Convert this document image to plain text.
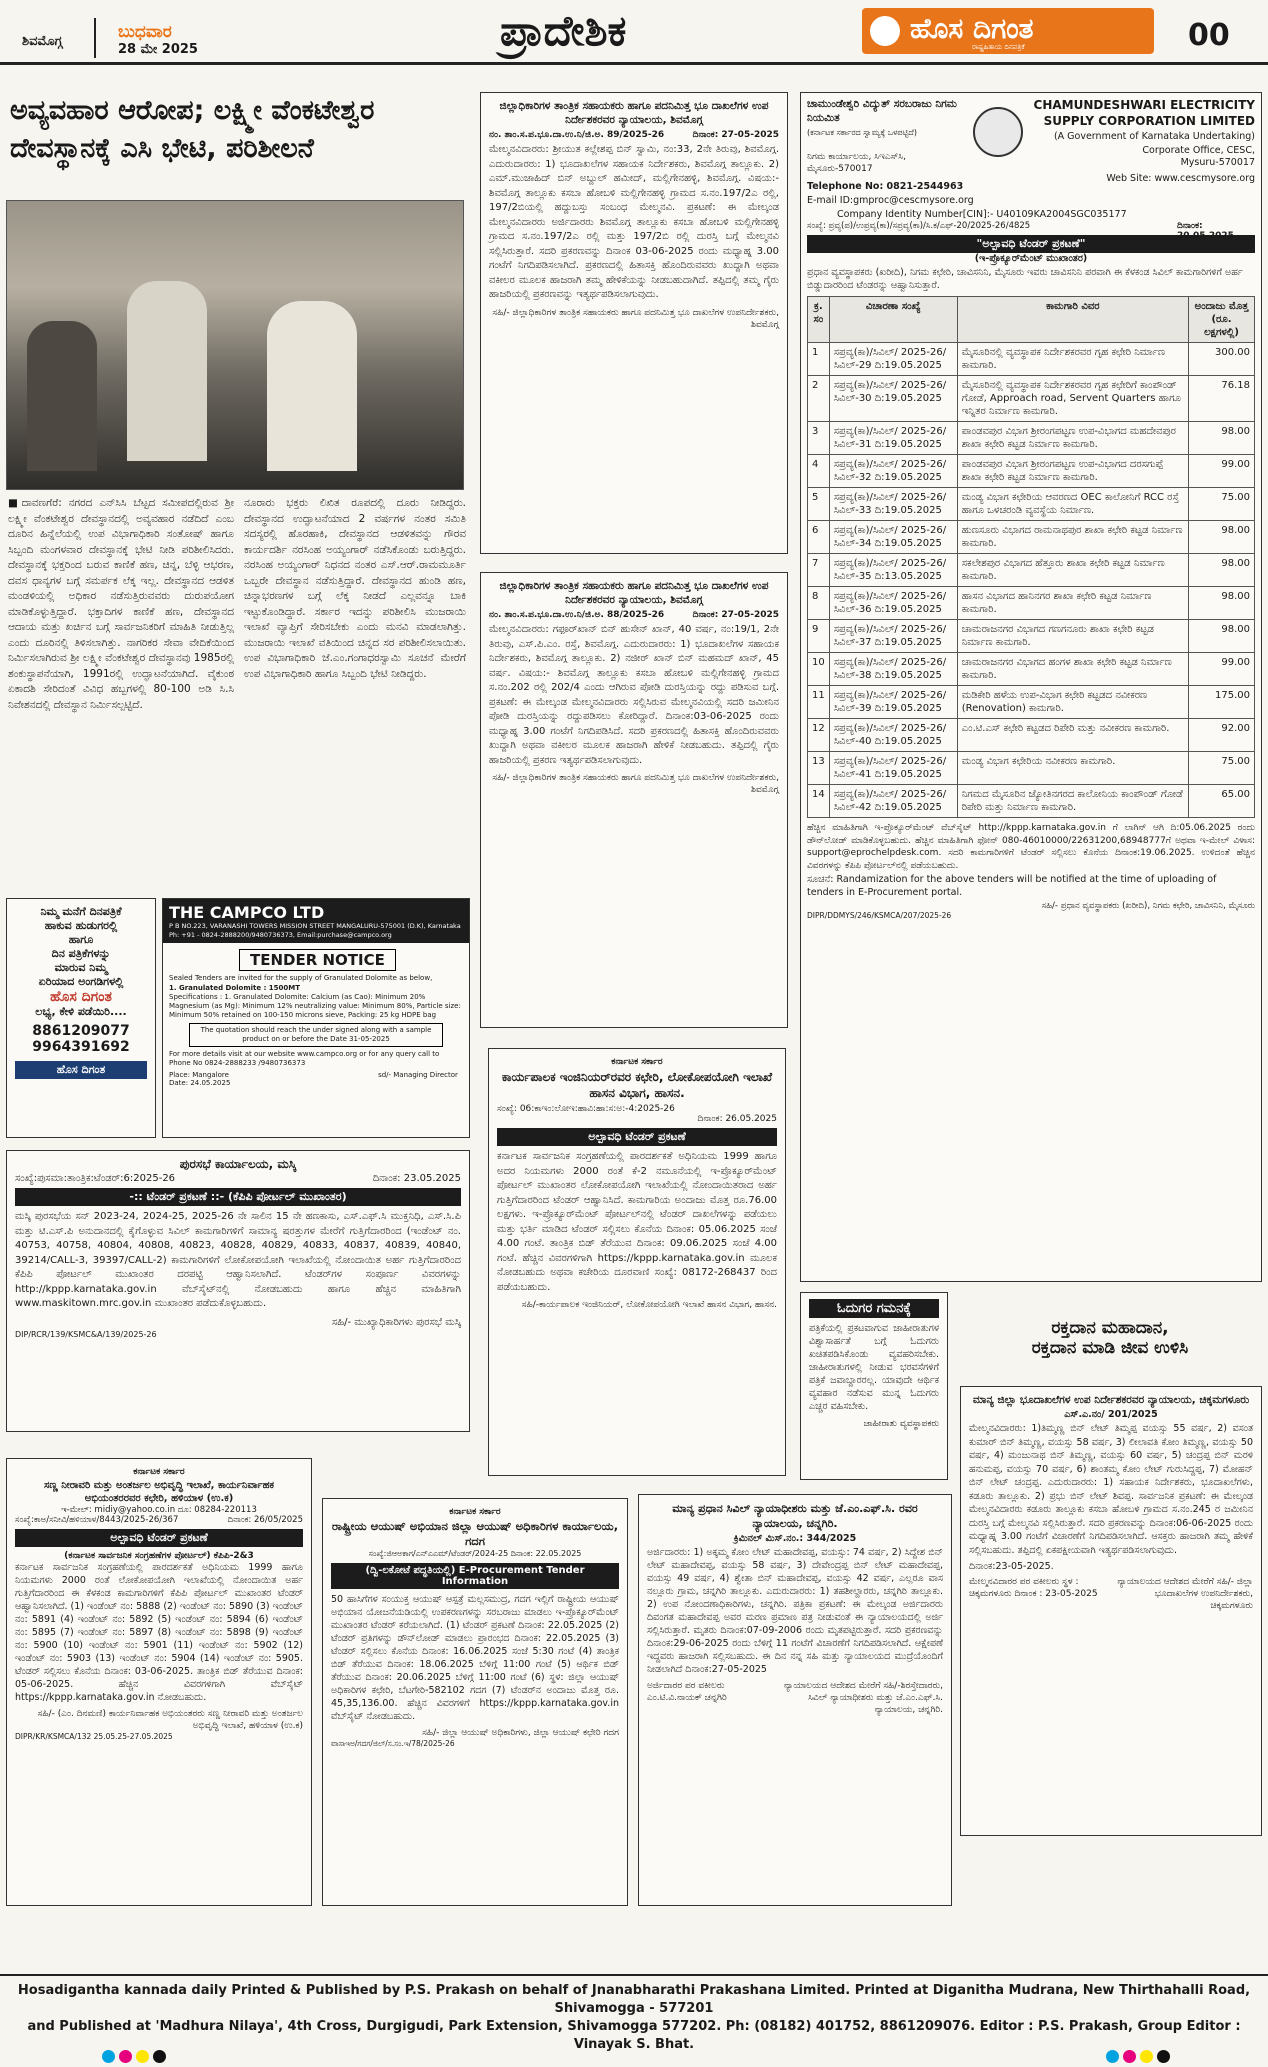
ಶಿವಮೊಗ್ಗ	ಬುಧವಾರ
28 ಮೇ 2025	ಪ್ರಾದೇಶಿಕ	ಹೊಸ ದಿಗಂತ
ರಾಷ್ಟ್ರಹಿತಾಯ ದಿನಪತ್ರಿಕೆ	00
ಅವ್ಯವಹಾರ ಆರೋಪ; ಲಕ್ಷ್ಮೀ ವೆಂಕಟೇಶ್ವರ ದೇವಸ್ಥಾನಕ್ಕೆ ಎಸಿ ಭೇಟಿ, ಪರಿಶೀಲನೆ
■ದಾವಣಗೆರೆ: ನಗರದ ಎನ್‌ಸಿಸಿ ಬೆಟ್ಟದ ಸಮೀಪದಲ್ಲಿರುವ ಶ್ರೀ ಲಕ್ಷ್ಮೀ ವೆಂಕಟೇಶ್ವರ ದೇವಸ್ಥಾನದಲ್ಲಿ ಅವ್ಯವಹಾರ ನಡೆದಿದೆ ಎಂಬ ದೂರಿನ ಹಿನ್ನೆಲೆಯಲ್ಲಿ ಉಪ ವಿಭಾಗಾಧಿಕಾರಿ ಸಂತೋಷ್ ಹಾಗೂ ಸಿಬ್ಬಂದಿ ಮಂಗಳವಾರ ದೇವಸ್ಥಾನಕ್ಕೆ ಭೇಟಿ ನೀಡಿ ಪರಿಶೀಲಿಸಿದರು. ದೇವಸ್ಥಾನಕ್ಕೆ ಭಕ್ತರಿಂದ ಬರುವ ಕಾಣಿಕೆ ಹಣ, ಚಿನ್ನ, ಬೆಳ್ಳಿ ಆಭರಣ, ದವಸ ಧಾನ್ಯಗಳ ಬಗ್ಗೆ ಸಮರ್ಪಕ ಲೆಕ್ಕ ಇಲ್ಲ. ದೇವಸ್ಥಾನದ ಆಡಳಿತ ಮಂಡಳಿಯಲ್ಲಿ ಅಧಿಕಾರ ನಡೆಸುತ್ತಿರುವವರು ದುರುಪಯೋಗ ಮಾಡಿಕೊಳ್ಳುತ್ತಿದ್ದಾರೆ. ಭಕ್ತಾದಿಗಳ ಕಾಣಿಕೆ ಹಣ, ದೇವಸ್ಥಾನದ ಆದಾಯ ಮತ್ತು ಖರ್ಚಿನ ಬಗ್ಗೆ ಸಾರ್ವಜನಿಕರಿಗೆ ಮಾಹಿತಿ ನೀಡುತ್ತಿಲ್ಲ ಎಂದು ದೂರಿನಲ್ಲಿ ತಿಳಿಸಲಾಗಿತ್ತು. ನಾಗರಿಕರ ಸೇವಾ ವೇದಿಕೆಯಿಂದ ನಿರ್ಮಿಸಲಾಗಿರುವ ಶ್ರೀ ಲಕ್ಷ್ಮೀ ವೆಂಕಟೇಶ್ವರ ದೇವಸ್ಥಾನವು 1985ರಲ್ಲಿ ಶಂಕುಸ್ಥಾಪನೆಯಾಗಿ, 1991ರಲ್ಲಿ ಉದ್ಘಾಟನೆಯಾಗಿದೆ. ವೈಕುಂಠ ಏಕಾದಶಿ ಸೇರಿದಂತೆ ವಿವಿಧ ಹಬ್ಬಗಳಲ್ಲಿ 80-100 ಅಡಿ ಸಿ.ಸಿ ನಿವೇಶನದಲ್ಲಿ ದೇವಸ್ಥಾನ ನಿರ್ಮಿಸಲ್ಪಟ್ಟಿದೆ.
ನೂರಾರು ಭಕ್ತರು ಲಿಖಿತ ರೂಪದಲ್ಲಿ ದೂರು ನೀಡಿದ್ದರು. ದೇವಸ್ಥಾನದ ಉದ್ಘಾಟನೆಯಾದ 2 ವರ್ಷಗಳ ನಂತರ ಸಮಿತಿ ಸದಸ್ಯರಲ್ಲಿ ಹೊರಹಾಕಿ, ದೇವಸ್ಥಾನದ ಆಡಳಿತವನ್ನು ಗೌರವ ಕಾರ್ಯದರ್ಶಿ ನರಸಿಂಹ ಅಯ್ಯಂಗಾರ್ ನಡೆಸಿಕೊಂಡು ಬರುತ್ತಿದ್ದರು. ನರಸಿಂಹ ಅಯ್ಯಂಗಾರ್ ನಿಧನದ ನಂತರ ಎಸ್.ಆರ್.ರಾಮಮೂರ್ತಿ ಒಬ್ಬರೇ ದೇವಸ್ಥಾನ ನಡೆಸುತ್ತಿದ್ದಾರೆ. ದೇವಸ್ಥಾನದ ಹುಂಡಿ ಹಣ, ಚಿನ್ನಾಭರಣಗಳ ಬಗ್ಗೆ ಲೆಕ್ಕ ನೀಡದೆ ಎಲ್ಲವನ್ನೂ ಬಾಕಿ ಇಟ್ಟುಕೊಂಡಿದ್ದಾರೆ. ಸರ್ಕಾರ ಇದನ್ನು ಪರಿಶೀಲಿಸಿ ಮುಜರಾಯಿ ಇಲಾಖೆ ವ್ಯಾಪ್ತಿಗೆ ಸೇರಿಸಬೇಕು ಎಂದು ಮನವಿ ಮಾಡಲಾಗಿತ್ತು. ಮುಜರಾಯಿ ಇಲಾಖೆ ವತಿಯಿಂದ ಚಿನ್ನದ ಸರ ಪರಿಶೀಲಿಸಲಾಯಿತು. ಉಪ ವಿಭಾಗಾಧಿಕಾರಿ ಜೆ.ಎಂ.ಗಂಗಾಧರಸ್ವಾಮಿ ಸೂಚನೆ ಮೇರೆಗೆ ಉಪ ವಿಭಾಗಾಧಿಕಾರಿ ಹಾಗೂ ಸಿಬ್ಬಂದಿ ಭೇಟಿ ನೀಡಿದ್ದರು.
ನಿಮ್ಮ ಮನೆಗೆ ದಿನಪತ್ರಿಕೆ
ಹಾಕುವ ಹುಡುಗರಲ್ಲಿ
ಹಾಗೂ
ದಿನ ಪತ್ರಿಕೆಗಳನ್ನು
ಮಾರುವ ನಿಮ್ಮ
ಏರಿಯಾದ ಅಂಗಡಿಗಳಲ್ಲಿ
ಹೊಸ ದಿಗಂತ
ಲಭ್ಯ, ಕೇಳಿ ಪಡೆಯಿರಿ....
8861209077
9964391692
ಹೊಸ ದಿಗಂತ
THE CAMPCO LTD
P B NO.223, VARANASHI TOWERS MISSION STREET MANGALURU-575001 (D.K), Karnataka Ph: +91 - 0824-2888200/9480736373, Email:purchase@campco.org
TENDER NOTICE
Sealed Tenders are invited for the supply of Granulated Dolomite as below,
1. Granulated Dolomite : 1500MT
Specifications : 1. Granulated Dolomite: Calcium (as Cao): Minimum 20% Magnesium (as Mg): Minimum 12% neutralizing value: Minimum 80%, Particle size: Minimum 50% retained on 100-150 microns sieve, Packing: 25 kg HDPE bag
The quotation should reach the under signed along with a sample product on or before the Date 31-05-2025
For more details visit at our website www.campco.org or for any query call to Phone No 0824-2888233 /9480736373
Place: Mangalore
Date: 24.05.2025
sd/- Managing Director
ಪುರಸಭೆ ಕಾರ್ಯಾಲಯ, ಮಸ್ಕಿ
ಸಂಖ್ಯೆ:ಪುಸಮಾ:ತಾಂತ್ರಿಕ:ಟೆಂಡರ್:6:2025-26	ದಿನಾಂಕ: 23.05.2025
-:: ಟೆಂಡರ್ ಪ್ರಕಟಣೆ ::- (ಕೆಪಿಪಿ ಪೋರ್ಟಲ್ ಮುಖಾಂತರ)

ಮಸ್ಕಿ ಪುರಸಭೆಯ ಸನ್ 2023-24, 2024-25, 2025-26 ನೇ ಸಾಲಿನ 15 ನೇ ಹಣಕಾಸು, ಎಸ್.ಎಫ್.ಸಿ ಮುಕ್ತನಿಧಿ, ಎಸ್.ಸಿ.ಪಿ ಮತ್ತು ಟಿ.ಎಸ್.ಪಿ ಅನುದಾನದಲ್ಲಿ ಕೈಗೊಳ್ಳುವ ಸಿವಿಲ್ ಕಾಮಗಾರಿಗಳಿಗೆ ಸಾಮಾನ್ಯ ಷರತ್ತುಗಳ ಮೇರೆಗೆ ಗುತ್ತಿಗೆದಾರರಿಂದ (ಇಂಡೆಂಟ್ ನಂ. 40753, 40758, 40804, 40808, 40823, 40828, 40829, 40833, 40837, 40839, 40840, 39214/CALL-3, 39397/CALL-2) ಕಾಮಗಾರಿಗಳಿಗೆ ಲೋಕೋಪಯೋಗಿ ಇಲಾಖೆಯಲ್ಲಿ ನೋಂದಾಯಿತ ಅರ್ಹ ಗುತ್ತಿಗೆದಾರರಿಂದ ಕೆಪಿಪಿ ಪೋರ್ಟಲ್ ಮುಖಾಂತರ ದರಪಟ್ಟಿ ಆಹ್ವಾನಿಸಲಾಗಿದೆ. ಟೆಂಡರ್‌ಗಳ ಸಂಪೂರ್ಣ ವಿವರಗಳನ್ನು http://kppp.karnataka.gov.in ವೆಬ್‌ಸೈಟ್‌ನಲ್ಲಿ ನೋಡಬಹುದು ಹಾಗೂ ಹೆಚ್ಚಿನ ಮಾಹಿತಿಗಾಗಿ www.maskitown.mrc.gov.in ಮುಖಾಂತರ ಪಡೆದುಕೊಳ್ಳಬಹುದು.

ಸಹಿ/- ಮುಖ್ಯಾಧಿಕಾರಿಗಳು ಪುರಸಭೆ ಮಸ್ಕಿ
DIP/RCR/139/KSMC&A/139/2025-26
ಜಿಲ್ಲಾಧಿಕಾರಿಗಳ ತಾಂತ್ರಿಕ ಸಹಾಯಕರು ಹಾಗೂ ಪದನಿಮಿತ್ತ ಭೂ ದಾಖಲೆಗಳ ಉಪ ನಿರ್ದೇಶಕರವರ ನ್ಯಾಯಾಲಯ, ಶಿವಮೊಗ್ಗ
ನಂ. ತಾಂ.ಸ.ಪ.ಭೂ.ದಾ.ಉ.ನಿ/ಜಿ.ಅ. 89/2025-26	ದಿನಾಂಕ: 27-05-2025

ಮೇಲ್ಮನವಿದಾರರು: ಶ್ರೀಯುತ ಕಲ್ಲೇಶಪ್ಪ ಬಿನ್ ಸ್ವಾಮಿ, ನಂ:33, 2ನೇ ತಿರುವು, ಶಿವಮೊಗ್ಗ. ಎದುರುದಾರರು: 1) ಭೂದಾಖಲೆಗಳ ಸಹಾಯಕ ನಿರ್ದೇಶಕರು, ಶಿವಮೊಗ್ಗ ತಾಲ್ಲೂಕು. 2) ಎಮ್.ಮುಜಾಹಿದ್ ಬಿನ್ ಅಬ್ದುಲ್ ಹಮೀದ್, ಮಲ್ಲಿಗೇನಹಳ್ಳಿ, ಶಿವಮೊಗ್ಗ. ವಿಷಯ:- ಶಿವಮೊಗ್ಗ ತಾಲ್ಲೂಕು ಕಸಬಾ ಹೋಬಳಿ ಮಲ್ಲಿಗೇನಹಳ್ಳಿ ಗ್ರಾಮದ ಸ.ನಂ.197/2ಎ ರಲ್ಲಿ, 197/2ಬಿಯಲ್ಲಿ ಹದ್ದುಬಸ್ತು ಸಂಬಂಧ ಮೇಲ್ಮನವಿ. ಪ್ರಕಟಣೆ: ಈ ಮೇಲ್ಕಂಡ ಮೇಲ್ಮನವಿದಾರರು ಅರ್ಜಿದಾರರು ಶಿವಮೊಗ್ಗ ತಾಲ್ಲೂಕು ಕಸಬಾ ಹೋಬಳಿ ಮಲ್ಲಿಗೇನಹಳ್ಳಿ ಗ್ರಾಮದ ಸ.ನಂ.197/2ಎ ರಲ್ಲಿ ಮತ್ತು 197/2ಬಿ ರಲ್ಲಿ ದುರಸ್ತಿ ಬಗ್ಗೆ ಮೇಲ್ಮನವಿ ಸಲ್ಲಿಸಿರುತ್ತಾರೆ. ಸದರಿ ಪ್ರಕರಣವನ್ನು ದಿನಾಂಕ 03-06-2025 ರಂದು ಮಧ್ಯಾಹ್ನ 3.00 ಗಂಟೆಗೆ ನಿಗದಿಪಡಿಸಲಾಗಿದೆ. ಪ್ರಕರಣದಲ್ಲಿ ಹಿತಾಸಕ್ತಿ ಹೊಂದಿರುವವರು ಖುದ್ದಾಗಿ ಅಥವಾ ವಕೀಲರ ಮೂಲಕ ಹಾಜರಾಗಿ ತಮ್ಮ ಹೇಳಿಕೆಯನ್ನು ನೀಡಬಹುದಾಗಿದೆ. ತಪ್ಪಿದಲ್ಲಿ ತಮ್ಮ ಗೈರು ಹಾಜರಿಯಲ್ಲಿ ಪ್ರಕರಣವನ್ನು ಇತ್ಯರ್ಥಪಡಿಸಲಾಗುವುದು.

ಸಹಿ/- ಜಿಲ್ಲಾಧಿಕಾರಿಗಳ ತಾಂತ್ರಿಕ ಸಹಾಯಕರು ಹಾಗೂ ಪದನಿಮಿತ್ತ ಭೂ ದಾಖಲೆಗಳ ಉಪನಿರ್ದೇಶಕರು, ಶಿವಮೊಗ್ಗ
ಜಿಲ್ಲಾಧಿಕಾರಿಗಳ ತಾಂತ್ರಿಕ ಸಹಾಯಕರು ಹಾಗೂ ಪದನಿಮಿತ್ತ ಭೂ ದಾಖಲೆಗಳ ಉಪ ನಿರ್ದೇಶಕರವರ ನ್ಯಾಯಾಲಯ, ಶಿವಮೊಗ್ಗ
ನಂ. ತಾಂ.ಸ.ಪ.ಭೂ.ದಾ.ಉ.ನಿ/ಜಿ.ಅ. 88/2025-26	ದಿನಾಂಕ: 27-05-2025

ಮೇಲ್ಮನವಿದಾರರು: ಗಫೂರ್‌ಖಾನ್ ಬಿನ್ ಹುಸೇನ್ ಖಾನ್, 40 ವರ್ಷ, ನಂ:19/1, 2ನೇ ತಿರುವು, ಎಸ್.ಪಿ.ಎಂ. ರಸ್ತೆ, ಶಿವಮೊಗ್ಗ. ಎದುರುದಾರರು: 1) ಭೂದಾಖಲೆಗಳ ಸಹಾಯಕ ನಿರ್ದೇಶಕರು, ಶಿವಮೊಗ್ಗ ತಾಲ್ಲೂಕು. 2) ನಜೀರ್ ಖಾನ್ ಬಿನ್ ಮಹಮದ್ ಖಾನ್, 45 ವರ್ಷ. ವಿಷಯ:- ಶಿವಮೊಗ್ಗ ತಾಲ್ಲೂಕು ಕಸಬಾ ಹೋಬಳಿ ಮಲ್ಲಿಗೇನಹಳ್ಳಿ ಗ್ರಾಮದ ಸ.ನಂ.202 ರಲ್ಲಿ 202/4 ಎಂದು ಆಗಿರುವ ಪೋಡಿ ದುರಸ್ತಿಯನ್ನು ರದ್ದು ಪಡಿಸುವ ಬಗ್ಗೆ. ಪ್ರಕಟಣೆ: ಈ ಮೇಲ್ಕಂಡ ಮೇಲ್ಮನವಿದಾರರು ಸಲ್ಲಿಸಿರುವ ಮೇಲ್ಮನವಿಯಲ್ಲಿ ಸದರಿ ಜಮೀನಿನ ಪೋಡಿ ದುರಸ್ತಿಯನ್ನು ರದ್ದುಪಡಿಸಲು ಕೋರಿದ್ದಾರೆ. ದಿನಾಂಕ:03-06-2025 ರಂದು ಮಧ್ಯಾಹ್ನ 3.00 ಗಂಟೆಗೆ ನಿಗದಿಪಡಿಸಿದೆ. ಸದರಿ ಪ್ರಕರಣದಲ್ಲಿ ಹಿತಾಸಕ್ತಿ ಹೊಂದಿರುವವರು ಖುದ್ದಾಗಿ ಅಥವಾ ವಕೀಲರ ಮೂಲಕ ಹಾಜರಾಗಿ ಹೇಳಿಕೆ ನೀಡಬಹುದು. ತಪ್ಪಿದಲ್ಲಿ ಗೈರು ಹಾಜರಿಯಲ್ಲಿ ಪ್ರಕರಣ ಇತ್ಯರ್ಥಪಡಿಸಲಾಗುವುದು.

ಸಹಿ/- ಜಿಲ್ಲಾಧಿಕಾರಿಗಳ ತಾಂತ್ರಿಕ ಸಹಾಯಕರು ಹಾಗೂ ಪದನಿಮಿತ್ತ ಭೂ ದಾಖಲೆಗಳ ಉಪನಿರ್ದೇಶಕರು, ಶಿವಮೊಗ್ಗ
ಕರ್ನಾಟಕ ಸರ್ಕಾರ
ಕಾರ್ಯಪಾಲಕ ಇಂಜಿನಿಯರ್‌ರವರ ಕಛೇರಿ, ಲೋಕೋಪಯೋಗಿ ಇಲಾಖೆ ಹಾಸನ ವಿಭಾಗ, ಹಾಸನ.
ಸಂಖ್ಯೆ: 06:ಕಾಇಂ:ಲೋಇ:ಹಾವಿ:ಹಾ:ಸ:ಅ:-4:2025-26
ದಿನಾಂಕ: 26.05.2025
ಅಲ್ಪಾವಧಿ ಟೆಂಡರ್ ಪ್ರಕಟಣೆ

ಕರ್ನಾಟಕ ಸಾರ್ವಜನಿಕ ಸಂಗ್ರಹಣೆಯಲ್ಲಿ ಪಾರದರ್ಶಕತೆ ಅಧಿನಿಯಮ 1999 ಹಾಗೂ ಅದರ ನಿಯಮಗಳು 2000 ರಂತೆ ಕೆ-2 ನಮೂನೆಯಲ್ಲಿ ಇ-ಪ್ರೊಕ್ಯೂರ್‌ಮೆಂಟ್ ಪೋರ್ಟಲ್ ಮುಖಾಂತರ ಲೋಕೋಪಯೋಗಿ ಇಲಾಖೆಯಲ್ಲಿ ನೋಂದಾಯಿತರಾದ ಅರ್ಹ ಗುತ್ತಿಗೆದಾರರಿಂದ ಟೆಂಡರ್ ಆಹ್ವಾನಿಸಿದೆ. ಕಾಮಗಾರಿಯ ಅಂದಾಜು ಮೊತ್ತ ರೂ.76.00 ಲಕ್ಷಗಳು. ಇ-ಪ್ರೊಕ್ಯೂರ್‌ಮೆಂಟ್ ಪೋರ್ಟಲ್‌ನಲ್ಲಿ ಟೆಂಡರ್ ದಾಖಲೆಗಳನ್ನು ಪಡೆಯಲು ಮತ್ತು ಭರ್ತಿ ಮಾಡಿದ ಟೆಂಡರ್ ಸಲ್ಲಿಸಲು ಕೊನೆಯ ದಿನಾಂಕ: 05.06.2025 ಸಂಜೆ 4.00 ಗಂಟೆ. ತಾಂತ್ರಿಕ ಬಿಡ್ ತೆರೆಯುವ ದಿನಾಂಕ: 09.06.2025 ಸಂಜೆ 4.00 ಗಂಟೆ. ಹೆಚ್ಚಿನ ವಿವರಗಳಿಗಾಗಿ https://kppp.karnataka.gov.in ಮೂಲಕ ನೋಡಬಹುದು ಅಥವಾ ಕಚೇರಿಯ ದೂರವಾಣಿ ಸಂಖ್ಯೆ: 08172-268437 ರಿಂದ ಪಡೆಯಬಹುದು.

ಸಹಿ/-ಕಾರ್ಯಪಾಲಕ ಇಂಜಿನಿಯರ್, ಲೋಕೋಪಯೋಗಿ ಇಲಾಖೆ ಹಾಸನ ವಿಭಾಗ, ಹಾಸನ.
ಚಾಮುಂಡೇಶ್ವರಿ ವಿದ್ಯುತ್ ಸರಬರಾಜು ನಿಗಮ ನಿಯಮಿತ
(ಕರ್ನಾಟಕ ಸರ್ಕಾರದ ಸ್ವಾಮ್ಯಕ್ಕೆ ಒಳಪಟ್ಟಿದೆ)
ನಿಗಮ ಕಾರ್ಯಾಲಯ, ಸಿಇಎಸ್‌ಸಿ, ಮೈಸೂರು-570017
CHAMUNDESHWARI ELECTRICITY SUPPLY CORPORATION LIMITED
(A Government of Karnataka Undertaking)
Corporate Office, CESC, Mysuru-570017
Web Site: www.cescmysore.org
Telephone No: 0821-2544963
E-mail ID:gmproc@cescmysore.org
Company Identity Number[CIN]:- U40109KA2004SGC035177
ಸಂಖ್ಯೆ: ಪ್ರವ್ಯ(ಪ)/ಉಪ್ರವ್ಯ(ಕಾ)/ಸಪ್ರವ್ಯ(ಕಾ)/ಸಿ.ಕ/ಎಫ್-20/2025-26/4825	ದಿನಾಂಕ: 20.05.2025
"ಅಲ್ಪಾವಧಿ ಟೆಂಡರ್ ಪ್ರಕಟಣೆ"
(ಇ-ಪ್ರೊಕ್ಯೂರ್‌ಮೆಂಟ್ ಮುಖಾಂತರ)
ಪ್ರಧಾನ ವ್ಯವಸ್ಥಾಪಕರು (ಖರೀದಿ), ನಿಗಮ ಕಛೇರಿ, ಚಾವಿಸನಿನಿ, ಮೈಸೂರು ಇವರು ಚಾವಿಸನಿನಿ ಪರವಾಗಿ ಈ ಕೆಳಕಂಡ ಸಿವಿಲ್ ಕಾಮಗಾರಿಗಳಿಗೆ ಅರ್ಹ ಬಿಡ್ಡುದಾರರಿಂದ ಟೆಂಡರನ್ನು ಆಹ್ವಾನಿಸುತ್ತಾರೆ.
ಕ್ರ. ಸಂ	ವಿಚಾರಣಾ ಸಂಖ್ಯೆ	ಕಾಮಗಾರಿ ವಿವರ	ಅಂದಾಜು ಮೊತ್ತ (ರೂ. ಲಕ್ಷಗಳಲ್ಲಿ)
1	ಸಪ್ರವ್ಯ(ಕಾ)/ಸಿವಿಲ್/ 2025-26/ಸಿವಿಲ್-29 ದಿ:19.05.2025	ಮೈಸೂರಿನಲ್ಲಿ ವ್ಯವಸ್ಥಾಪಕ ನಿರ್ದೇಶಕರವರ ಗೃಹ ಕಛೇರಿ ನಿರ್ಮಾಣ ಕಾಮಗಾರಿ.	300.00
2	ಸಪ್ರವ್ಯ(ಕಾ)/ಸಿವಿಲ್/ 2025-26/ಸಿವಿಲ್-30 ದಿ:19.05.2025	ಮೈಸೂರಿನಲ್ಲಿ ವ್ಯವಸ್ಥಾಪಕ ನಿರ್ದೇಶಕರವರ ಗೃಹ ಕಛೇರಿಗೆ ಕಾಂಪೌಂಡ್ ಗೋಡೆ, Approach road, Servent Quarters ಹಾಗೂ ಇನ್ನಿತರ ನಿರ್ಮಾಣ ಕಾಮಗಾರಿ.	76.18
3	ಸಪ್ರವ್ಯ(ಕಾ)/ಸಿವಿಲ್/ 2025-26/ಸಿವಿಲ್-31 ದಿ:19.05.2025	ಪಾಂಡವಪುರ ವಿಭಾಗ ಶ್ರೀರಂಗಪಟ್ಟಣ ಉಪ-ವಿಭಾಗದ ಮಹದೇವಪುರ ಶಾಖಾ ಕಛೇರಿ ಕಟ್ಟಡ ನಿರ್ಮಾಣ ಕಾಮಗಾರಿ.	98.00
4	ಸಪ್ರವ್ಯ(ಕಾ)/ಸಿವಿಲ್/ 2025-26/ಸಿವಿಲ್-32 ದಿ:19.05.2025	ಪಾಂಡವಪುರ ವಿಭಾಗ ಶ್ರೀರಂಗಪಟ್ಟಣ ಉಪ-ವಿಭಾಗದ ದರಸಗುಪ್ಪೆ ಶಾಖಾ ಕಛೇರಿ ಕಟ್ಟಡ ನಿರ್ಮಾಣ ಕಾಮಗಾರಿ.	99.00
5	ಸಪ್ರವ್ಯ(ಕಾ)/ಸಿವಿಲ್/ 2025-26/ಸಿವಿಲ್-33 ದಿ:19.05.2025	ಮಂಡ್ಯ ವಿಭಾಗ ಕಛೇರಿಯ ಆವರಣದ OEC ಕಾಲೋನಿಗೆ RCC ರಸ್ತೆ ಹಾಗೂ ಒಳಚರಂಡಿ ವ್ಯವಸ್ಥೆಯ ನಿರ್ಮಾಣ.	75.00
6	ಸಪ್ರವ್ಯ(ಕಾ)/ಸಿವಿಲ್/ 2025-26/ಸಿವಿಲ್-34 ದಿ:19.05.2025	ಹುಣಸೂರು ವಿಭಾಗದ ರಾಮನಾಥಪುರ ಶಾಖಾ ಕಛೇರಿ ಕಟ್ಟಡ ನಿರ್ಮಾಣ ಕಾಮಗಾರಿ.	98.00
7	ಸಪ್ರವ್ಯ(ಕಾ)/ಸಿವಿಲ್/ 2025-26/ಸಿವಿಲ್-35 ದಿ:13.05.2025	ಸಕಲೇಶಪುರ ವಿಭಾಗದ ಹೆತ್ತೂರು ಶಾಖಾ ಕಛೇರಿ ಕಟ್ಟಡ ನಿರ್ಮಾಣ ಕಾಮಗಾರಿ.	98.00
8	ಸಪ್ರವ್ಯ(ಕಾ)/ಸಿವಿಲ್/ 2025-26/ಸಿವಿಲ್-36 ದಿ:19.05.2025	ಹಾಸನ ವಿಭಾಗದ ಹಾನಿನಗರ ಶಾಖಾ ಕಛೇರಿ ಕಟ್ಟಡ ನಿರ್ಮಾಣ ಕಾಮಗಾರಿ.	98.00
9	ಸಪ್ರವ್ಯ(ಕಾ)/ಸಿವಿಲ್/ 2025-26/ಸಿವಿಲ್-37 ದಿ:19.05.2025	ಚಾಮರಾಜನಗರ ವಿಭಾಗದ ಗಣಗನೂರು ಶಾಖಾ ಕಛೇರಿ ಕಟ್ಟಡ ನಿರ್ಮಾಣ ಕಾಮಗಾರಿ.	98.00
10	ಸಪ್ರವ್ಯ(ಕಾ)/ಸಿವಿಲ್/ 2025-26/ಸಿವಿಲ್-38 ದಿ:19.05.2025	ಚಾಮರಾಜನಗರ ವಿಭಾಗದ ಹಂಗಳ ಶಾಖಾ ಕಛೇರಿ ಕಟ್ಟಡ ನಿರ್ಮಾಣ ಕಾಮಗಾರಿ.	99.00
11	ಸಪ್ರವ್ಯ(ಕಾ)/ಸಿವಿಲ್/ 2025-26/ಸಿವಿಲ್-39 ದಿ:19.05.2025	ಮಡಿಕೇರಿ ಹಳೆಯ ಉಪ-ವಿಭಾಗ ಕಛೇರಿ ಕಟ್ಟಡದ ನವೀಕರಣ (Renovation) ಕಾಮಗಾರಿ.	175.00
12	ಸಪ್ರವ್ಯ(ಕಾ)/ಸಿವಿಲ್/ 2025-26/ಸಿವಿಲ್-40 ದಿ:19.05.2025	ಎಂ.ಟಿ.ಎಸ್ ಕಛೇರಿ ಕಟ್ಟಡದ ರಿಪೇರಿ ಮತ್ತು ನವೀಕರಣ ಕಾಮಗಾರಿ.	92.00
13	ಸಪ್ರವ್ಯ(ಕಾ)/ಸಿವಿಲ್/ 2025-26/ಸಿವಿಲ್-41 ದಿ:19.05.2025	ಮಂಡ್ಯ ವಿಭಾಗ ಕಛೇರಿಯ ನವೀಕರಣ ಕಾಮಗಾರಿ.	75.00
14	ಸಪ್ರವ್ಯ(ಕಾ)/ಸಿವಿಲ್/ 2025-26/ಸಿವಿಲ್-42 ದಿ:19.05.2025	ನಿಗಮದ ಮೈಸೂರಿನ ಜ್ಯೋತಿನಗರದ ಕಾಲೋನಿಯ ಕಾಂಪೌಂಡ್ ಗೋಡೆ ರಿಪೇರಿ ಮತ್ತು ನಿರ್ಮಾಣ ಕಾಮಗಾರಿ.	65.00
ಹೆಚ್ಚಿನ ಮಾಹಿತಿಗಾಗಿ ಇ-ಪ್ರೊಕ್ಯೂರ್‌ಮೆಂಟ್ ವೆಬ್‌ಸೈಟ್ http://kppp.karnataka.gov.in ಗೆ ಲಾಗಿನ್ ಆಗಿ ದಿ:05.06.2025 ರಂದು ಡೌನ್‌ಲೋಡ್ ಮಾಡಿಕೊಳ್ಳಬಹುದು. ಹೆಚ್ಚಿನ ಮಾಹಿತಿಗಾಗಿ ಫೋನ್ 080-46010000/22631200,68948777ಗೆ ಅಥವಾ ಇ-ಮೇಲ್ ವಿಳಾಸ: support@eprochelpdesk.com. ಸದರಿ ಕಾಮಗಾರಿಗಳಿಗೆ ಟೆಂಡರ್ ಸಲ್ಲಿಸಲು ಕೊನೆಯ ದಿನಾಂಕ:19.06.2025. ಉಳಿದಂತೆ ಹೆಚ್ಚಿನ ವಿವರಗಳನ್ನು ಕೆಪಿಪಿ ಪೋರ್ಟಲ್‌ನಲ್ಲಿ ಪಡೆಯಬಹುದು.
ಸೂಚನೆ: Randamization for the above tenders will be notified at the time of uploading of tenders in E-Procurement portal.
ಸಹಿ/- ಪ್ರಧಾನ ವ್ಯವಸ್ಥಾಪಕರು (ಖರೀದಿ), ನಿಗಮ ಕಛೇರಿ, ಚಾವಿಸನಿನಿ, ಮೈಸೂರು
DIPR/DDMYS/246/KSMCA/207/2025-26
ಓದುಗರ ಗಮನಕ್ಕೆ

ಪತ್ರಿಕೆಯಲ್ಲಿ ಪ್ರಕಟವಾಗುವ ಜಾಹೀರಾತುಗಳ ವಿಶ್ವಾಸಾರ್ಹತೆ ಬಗ್ಗೆ ಓದುಗರು ಖಚಿತಪಡಿಸಿಕೊಂಡು ವ್ಯವಹರಿಸಬೇಕು. ಜಾಹೀರಾತುಗಳಲ್ಲಿ ನೀಡುವ ಭರವಸೆಗಳಿಗೆ ಪತ್ರಿಕೆ ಜವಾಬ್ದಾರರಲ್ಲ. ಯಾವುದೇ ಆರ್ಥಿಕ ವ್ಯವಹಾರ ನಡೆಸುವ ಮುನ್ನ ಓದುಗರು ಎಚ್ಚರ ವಹಿಸಬೇಕು.

ಜಾಹೀರಾತು ವ್ಯವಸ್ಥಾಪಕರು
ರಕ್ತದಾನ ಮಹಾದಾನ,
ರಕ್ತದಾನ ಮಾಡಿ ಜೀವ ಉಳಿಸಿ
ಮಾನ್ಯ ಜಿಲ್ಲಾ ಭೂದಾಖಲೆಗಳ ಉಪ ನಿರ್ದೇಶಕರವರ ನ್ಯಾಯಾಲಯ, ಚಿಕ್ಕಮಗಳೂರು
ಎಸ್.ಎ.ನಂ/ 201/2025

ಮೇಲ್ಮನವಿದಾರರು: 1)ತಿಮ್ಮಣ್ಣ ಬಿನ್ ಲೇಟ್ ತಿಮ್ಮಪ್ಪ ವಯಸ್ಸು 55 ವರ್ಷ, 2) ವಸಂತ ಕುಮಾರ್ ಬಿನ್ ತಿಮ್ಮಣ್ಣ, ವಯಸ್ಸು 58 ವರ್ಷ, 3) ಲೀಲಾವತಿ ಕೋಂ ತಿಮ್ಮಣ್ಣ, ವಯಸ್ಸು 50 ವರ್ಷ, 4) ಮಂಜುನಾಥ ಬಿನ್ ತಿಮ್ಮಣ್ಣ, ವಯಸ್ಸು 60 ವರ್ಷ, 5) ಚಂದ್ರಪ್ಪ ಬಿನ್ ಮರಳಿ ಹನುಮಪ್ಪ, ವಯಸ್ಸು 70 ವರ್ಷ, 6) ಶಾಂತಮ್ಮ ಕೋಂ ಲೇಟ್ ಗುರುಸಿದ್ದಪ್ಪ, 7) ಮೋಹನ್ ಬಿನ್ ಲೇಟ್ ಚಂದ್ರಪ್ಪ. ಎದುರುದಾರರು: 1) ಸಹಾಯಕ ನಿರ್ದೇಶಕರು, ಭೂದಾಖಲೆಗಳು, ಕಡೂರು ತಾಲ್ಲೂಕು. 2) ಪ್ರಭು ಬಿನ್ ಲೇಟ್ ಶಿವಪ್ಪ. ಸಾರ್ವಜನಿಕ ಪ್ರಕಟಣೆ: ಈ ಮೇಲ್ಕಂಡ ಮೇಲ್ಮನವಿದಾರರು ಕಡೂರು ತಾಲ್ಲೂಕು ಕಸಬಾ ಹೋಬಳಿ ಗ್ರಾಮದ ಸ.ನಂ.245 ರ ಜಮೀನಿನ ದುರಸ್ತಿ ಬಗ್ಗೆ ಮೇಲ್ಮನವಿ ಸಲ್ಲಿಸಿರುತ್ತಾರೆ. ಸದರಿ ಪ್ರಕರಣವನ್ನು ದಿನಾಂಕ:06-06-2025 ರಂದು ಮಧ್ಯಾಹ್ನ 3.00 ಗಂಟೆಗೆ ವಿಚಾರಣೆಗೆ ನಿಗದಿಪಡಿಸಲಾಗಿದೆ. ಆಸಕ್ತರು ಹಾಜರಾಗಿ ತಮ್ಮ ಹೇಳಿಕೆ ಸಲ್ಲಿಸಬಹುದು. ತಪ್ಪಿದಲ್ಲಿ ಏಕಪಕ್ಷೀಯವಾಗಿ ಇತ್ಯರ್ಥಪಡಿಸಲಾಗುವುದು.

ದಿನಾಂಕ:23-05-2025.
ಮೇಲ್ಮನವಿದಾರರ ಪರ ವಕೀಲರು ಸ್ಥಳ : ಚಿಕ್ಕಮಗಳೂರು ದಿನಾಂಕ : 23-05-2025
ನ್ಯಾಯಾಲಯದ ಆದೇಶದ ಮೇರೆಗೆ ಸಹಿ/- ಜಿಲ್ಲಾ ಭೂದಾಖಲೆಗಳ ಉಪನಿರ್ದೇಶಕರು, ಚಿಕ್ಕಮಗಳೂರು
ಕರ್ನಾಟಕ ಸರ್ಕಾರ
ಸಣ್ಣ ನೀರಾವರಿ ಮತ್ತು ಅಂತರ್ಜಲ ಅಭಿವೃದ್ಧಿ ಇಲಾಖೆ, ಕಾರ್ಯನಿರ್ವಾಹಕ ಅಭಿಯಂತರರವರ ಕಛೇರಿ, ಹಳಿಯಾಳ (ಉ.ಕ)
ಇ-ಮೇಲ್: midiy@yahoo.co.in ದೂ: 08284-220113
ಸಂಖ್ಯೆ:ಕಾಅ/ಸನೀವಿ/ಹಳಿಯಾಳ/8443/2025-26/367	ದಿನಾಂಕ: 26/05/2025
ಅಲ್ಪಾವಧಿ ಟೆಂಡರ್ ಪ್ರಕಟಣೆ
(ಕರ್ನಾಟಕ ಸಾರ್ವಜನಿಕ ಸಂಗ್ರಹಣೆಗಳ ಪೋರ್ಟಲ್) ಕೆಪಿಪಿ-2&3

ಕರ್ನಾಟಕ ಸಾರ್ವಜನಿಕ ಸಂಗ್ರಹಣೆಯಲ್ಲಿ ಪಾರದರ್ಶಕತೆ ಅಧಿನಿಯಮ 1999 ಹಾಗೂ ನಿಯಮಗಳು 2000 ರಂತೆ ಲೋಕೋಪಯೋಗಿ ಇಲಾಖೆಯಲ್ಲಿ ನೋಂದಾಯಿತ ಅರ್ಹ ಗುತ್ತಿಗೆದಾರರಿಂದ ಈ ಕೆಳಕಂಡ ಕಾಮಗಾರಿಗಳಿಗೆ ಕೆಪಿಪಿ ಪೋರ್ಟಲ್ ಮುಖಾಂತರ ಟೆಂಡರ್ ಆಹ್ವಾನಿಸಲಾಗಿದೆ. (1) ಇಂಡೆಂಟ್ ನಂ: 5888 (2) ಇಂಡೆಂಟ್ ನಂ: 5890 (3) ಇಂಡೆಂಟ್ ನಂ: 5891 (4) ಇಂಡೆಂಟ್ ನಂ: 5892 (5) ಇಂಡೆಂಟ್ ನಂ: 5894 (6) ಇಂಡೆಂಟ್ ನಂ: 5895 (7) ಇಂಡೆಂಟ್ ನಂ: 5897 (8) ಇಂಡೆಂಟ್ ನಂ: 5898 (9) ಇಂಡೆಂಟ್ ನಂ: 5900 (10) ಇಂಡೆಂಟ್ ನಂ: 5901 (11) ಇಂಡೆಂಟ್ ನಂ: 5902 (12) ಇಂಡೆಂಟ್ ನಂ: 5903 (13) ಇಂಡೆಂಟ್ ನಂ: 5904 (14) ಇಂಡೆಂಟ್ ನಂ: 5905. ಟೆಂಡರ್ ಸಲ್ಲಿಸಲು ಕೊನೆಯ ದಿನಾಂಕ: 03-06-2025. ತಾಂತ್ರಿಕ ಬಿಡ್ ತೆರೆಯುವ ದಿನಾಂಕ: 05-06-2025. ಹೆಚ್ಚಿನ ವಿವರಗಳಿಗಾಗಿ ವೆಬ್‌ಸೈಟ್ https://kppp.karnataka.gov.in ನೋಡಬಹುದು.

ಸಹಿ/- (ಎಂ. ದಿನಮಣಿ) ಕಾರ್ಯನಿರ್ವಾಹಕ ಅಭಿಯಂತರರು ಸಣ್ಣ ನೀರಾವರಿ ಮತ್ತು ಅಂತರ್ಜಲ ಅಭಿವೃದ್ಧಿ ಇಲಾಖೆ, ಹಳಿಯಾಳ (ಉ.ಕ)
DIPR/KR/KSMCA/132 25.05.25-27.05.2025
ಕರ್ನಾಟಕ ಸರ್ಕಾರ
ರಾಷ್ಟ್ರೀಯ ಆಯುಷ್ ಅಭಿಯಾನ ಜಿಲ್ಲಾ ಆಯುಷ್ ಅಧಿಕಾರಿಗಳ ಕಾರ್ಯಾಲಯ, ಗದಗ
ಸಂಖ್ಯೆ:ಜಿಆಅಕಾಗ/ಎನ್‌ಎಎಮ್/ಟೆಂಡರ್/2024-25 ದಿನಾಂಕ: 22.05.2025
(ದ್ವಿ-ಲಕೋಟೆ ಪದ್ಧತಿಯಲ್ಲಿ) E-Procurement Tender Information

50 ಹಾಸಿಗೆಗಳ ಸಂಯುಕ್ತ ಆಯುಷ್ ಆಸ್ಪತ್ರೆ ಮಲ್ಲಸಮುದ್ರ, ಗದಗ ಇಲ್ಲಿಗೆ ರಾಷ್ಟ್ರೀಯ ಆಯುಷ್ ಅಭಿಯಾನ ಯೋಜನೆಯಡಿಯಲ್ಲಿ ಉಪಕರಣಗಳನ್ನು ಸರಬರಾಜು ಮಾಡಲು ಇ-ಪ್ರೊಕ್ಯೂರ್‌ಮೆಂಟ್ ಮುಖಾಂತರ ಟೆಂಡರ್ ಕರೆಯಲಾಗಿದೆ. (1) ಟೆಂಡರ್ ಪ್ರಕಟಣೆ ದಿನಾಂಕ: 22.05.2025 (2) ಟೆಂಡರ್ ಪ್ರತಿಗಳನ್ನು ಡೌನ್‌ಲೋಡ್ ಮಾಡಲು ಪ್ರಾರಂಭದ ದಿನಾಂಕ: 22.05.2025 (3) ಟೆಂಡರ್ ಸಲ್ಲಿಸಲು ಕೊನೆಯ ದಿನಾಂಕ: 16.06.2025 ಸಂಜೆ 5:30 ಗಂಟೆ (4) ತಾಂತ್ರಿಕ ಬಿಡ್ ತೆರೆಯುವ ದಿನಾಂಕ: 18.06.2025 ಬೆಳಿಗ್ಗೆ 11:00 ಗಂಟೆ (5) ಆರ್ಥಿಕ ಬಿಡ್ ತೆರೆಯುವ ದಿನಾಂಕ: 20.06.2025 ಬೆಳಿಗ್ಗೆ 11:00 ಗಂಟೆ (6) ಸ್ಥಳ: ಜಿಲ್ಲಾ ಆಯುಷ್ ಅಧಿಕಾರಿಗಳ ಕಛೇರಿ, ಬೆಟಗೇರಿ-582102 ಗದಗ (7) ಟೆಂಡರ್‌ನ ಅಂದಾಜು ಮೊತ್ತ ರೂ. 45,35,136.00. ಹೆಚ್ಚಿನ ವಿವರಗಳಿಗೆ https://kppp.karnataka.gov.in ವೆಬ್‌ಸೈಟ್ ನೋಡಬಹುದು.

ಸಹಿ/- ಜಿಲ್ಲಾ ಆಯುಷ್ ಅಧಿಕಾರಿಗಳು, ಜಿಲ್ಲಾ ಆಯುಷ್ ಕಛೇರಿ ಗದಗ
ವಾಸಾಇಅ/ಗದಗ/ಜಿಲ್/ಸ.ಸಂ.ಇ/78/2025-26
ಮಾನ್ಯ ಪ್ರಧಾನ ಸಿವಿಲ್ ನ್ಯಾಯಾಧೀಶರು ಮತ್ತು ಜೆ.ಎಂ.ಎಫ್.ಸಿ. ರವರ ನ್ಯಾಯಾಲಯ, ಚನ್ನಗಿರಿ.
ಕ್ರಿಮಿನಲ್ ಮಿಸ್.ನಂ.: 344/2025

ಅರ್ಜಿದಾರರು: 1) ಅಕ್ಕಮ್ಮ ಕೋಂ ಲೇಟ್ ಮಹಾದೇವಪ್ಪ, ವಯಸ್ಸು: 74 ವರ್ಷ, 2) ಸಿದ್ದೇಶ ಬಿನ್ ಲೇಟ್ ಮಹಾದೇವಪ್ಪ, ವಯಸ್ಸು 58 ವರ್ಷ, 3) ದೇವೇಂದ್ರಪ್ಪ ಬಿನ್ ಲೇಟ್ ಮಹಾದೇವಪ್ಪ, ವಯಸ್ಸು 49 ವರ್ಷ, 4) ಶ್ವೇತಾ ಬಿನ್ ಮಹಾದೇವಪ್ಪ, ವಯಸ್ಸು 42 ವರ್ಷ, ಎಲ್ಲರೂ ವಾಸ ನಲ್ಲೂರು ಗ್ರಾಮ, ಚನ್ನಗಿರಿ ತಾಲ್ಲೂಕು. ಎದುರುದಾರರು: 1) ತಹಶೀಲ್ದಾರರು, ಚನ್ನಗಿರಿ ತಾಲ್ಲೂಕು. 2) ಉಪ ನೋಂದಣಾಧಿಕಾರಿಗಳು, ಚನ್ನಗಿರಿ. ಪತ್ರಿಕಾ ಪ್ರಕಟಣೆ: ಈ ಮೇಲ್ಕಂಡ ಅರ್ಜಿದಾರರು ದಿವಂಗತ ಮಹಾದೇವಪ್ಪ ಅವರ ಮರಣ ಪ್ರಮಾಣ ಪತ್ರ ನೀಡುವಂತೆ ಈ ನ್ಯಾಯಾಲಯದಲ್ಲಿ ಅರ್ಜಿ ಸಲ್ಲಿಸಿರುತ್ತಾರೆ. ಮೃತರು ದಿನಾಂಕ:07-09-2006 ರಂದು ಮೃತಪಟ್ಟಿರುತ್ತಾರೆ. ಸದರಿ ಪ್ರಕರಣವನ್ನು ದಿನಾಂಕ:29-06-2025 ರಂದು ಬೆಳಿಗ್ಗೆ 11 ಗಂಟೆಗೆ ವಿಚಾರಣೆಗೆ ನಿಗದಿಪಡಿಸಲಾಗಿದೆ. ಆಕ್ಷೇಪಣೆ ಇದ್ದವರು ಹಾಜರಾಗಿ ಸಲ್ಲಿಸಬಹುದು. ಈ ದಿನ ನನ್ನ ಸಹಿ ಮತ್ತು ನ್ಯಾಯಾಲಯದ ಮುದ್ರೆಯೊಂದಿಗೆ ನೀಡಲಾಗಿದೆ ದಿನಾಂಕ:27-05-2025

ಅರ್ಜಿದಾರರ ಪರ ವಕೀಲರು ಎಂ.ಟಿ.ವಿ.ನಾಯಕ್ ಚನ್ನಗಿರಿ
ನ್ಯಾಯಾಲಯದ ಆದೇಶದ ಮೇರೆಗೆ ಸಹಿ/-ಶಿರಸ್ತೇದಾರರು, ಸಿವಿಲ್ ನ್ಯಾಯಾಧೀಶರು ಮತ್ತು ಜೆ.ಎಂ.ಎಫ್.ಸಿ. ನ್ಯಾಯಾಲಯ, ಚನ್ನಗಿರಿ.
Hosadigantha kannada daily Printed & Published by P.S. Prakash on behalf of Jnanabharathi Prakashana Limited. Printed at Diganitha Mudrana, New Thirthahalli Road, Shivamogga - 577201
and Published at 'Madhura Nilaya', 4th Cross, Durgigudi, Park Extension, Shivamogga 577202. Ph: (08182) 401752, 8861209076. Editor : P.S. Prakash, Group Editor : Vinayak S. Bhat.
